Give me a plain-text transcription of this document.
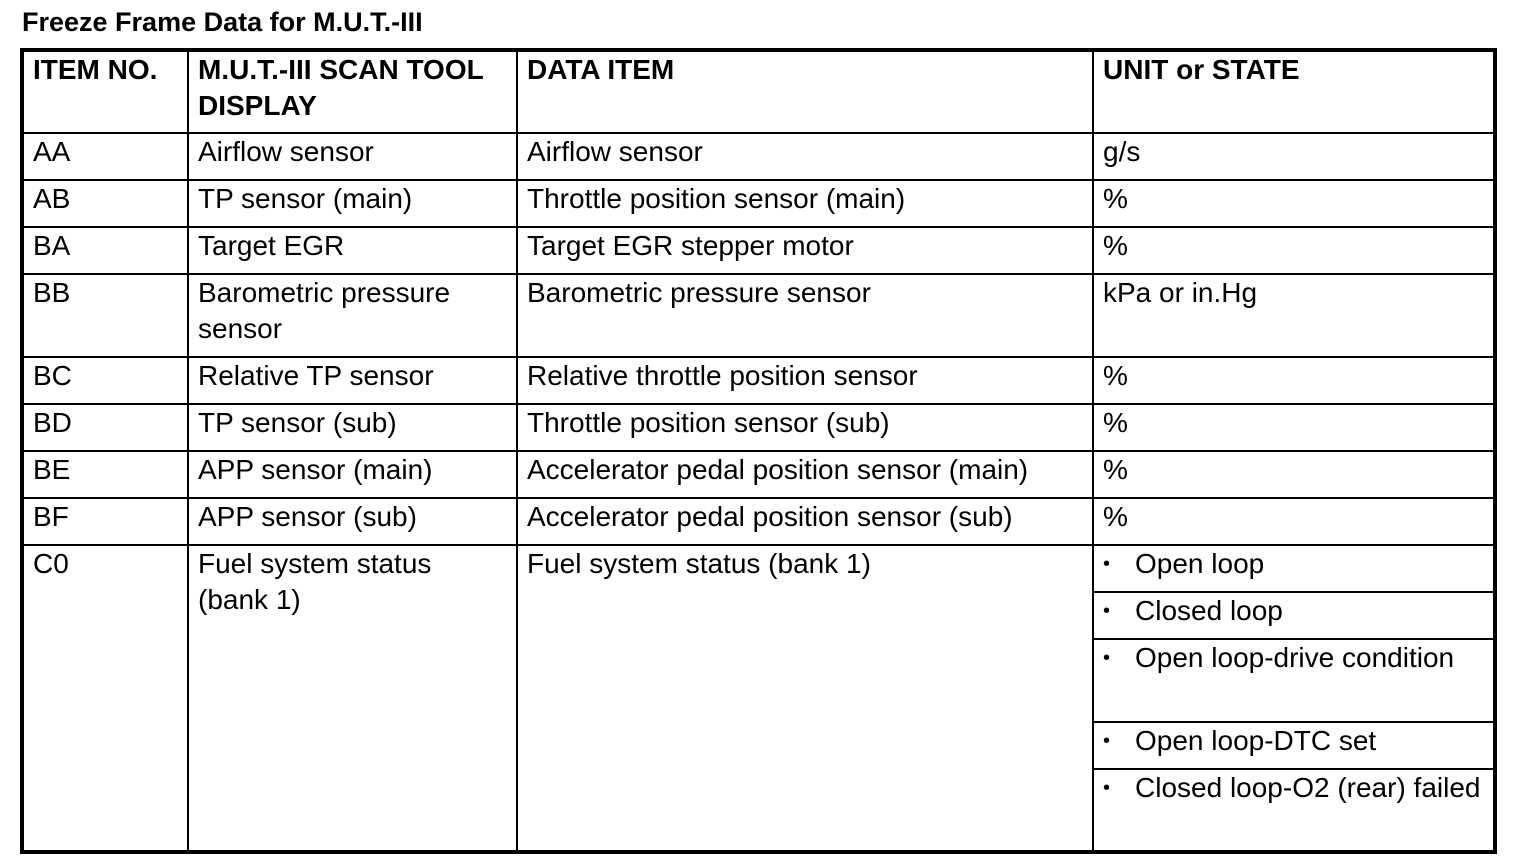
Freeze Frame Data for M.U.T.-III
ITEM NO.	M.U.T.-III SCAN TOOL DISPLAY	DATA ITEM	UNIT or STATE
AA	Airflow sensor	Airflow sensor	g/s
AB	TP sensor (main)	Throttle position sensor (main)	%
BA	Target EGR	Target EGR stepper motor	%
BB	Barometric pressure sensor	Barometric pressure sensor	kPa or in.Hg
BC	Relative TP sensor	Relative throttle position sensor	%
BD	TP sensor (sub)	Throttle position sensor (sub)	%
BE	APP sensor (main)	Accelerator pedal position sensor (main)	%
BF	APP sensor (sub)	Accelerator pedal position sensor (sub)	%
C0	Fuel system status (bank 1)	Fuel system status (bank 1)	• Open loop

			• Closed loop

			• Open loop-drive condition

			• Open loop-DTC set

			• Closed loop-O2 (rear) failed
